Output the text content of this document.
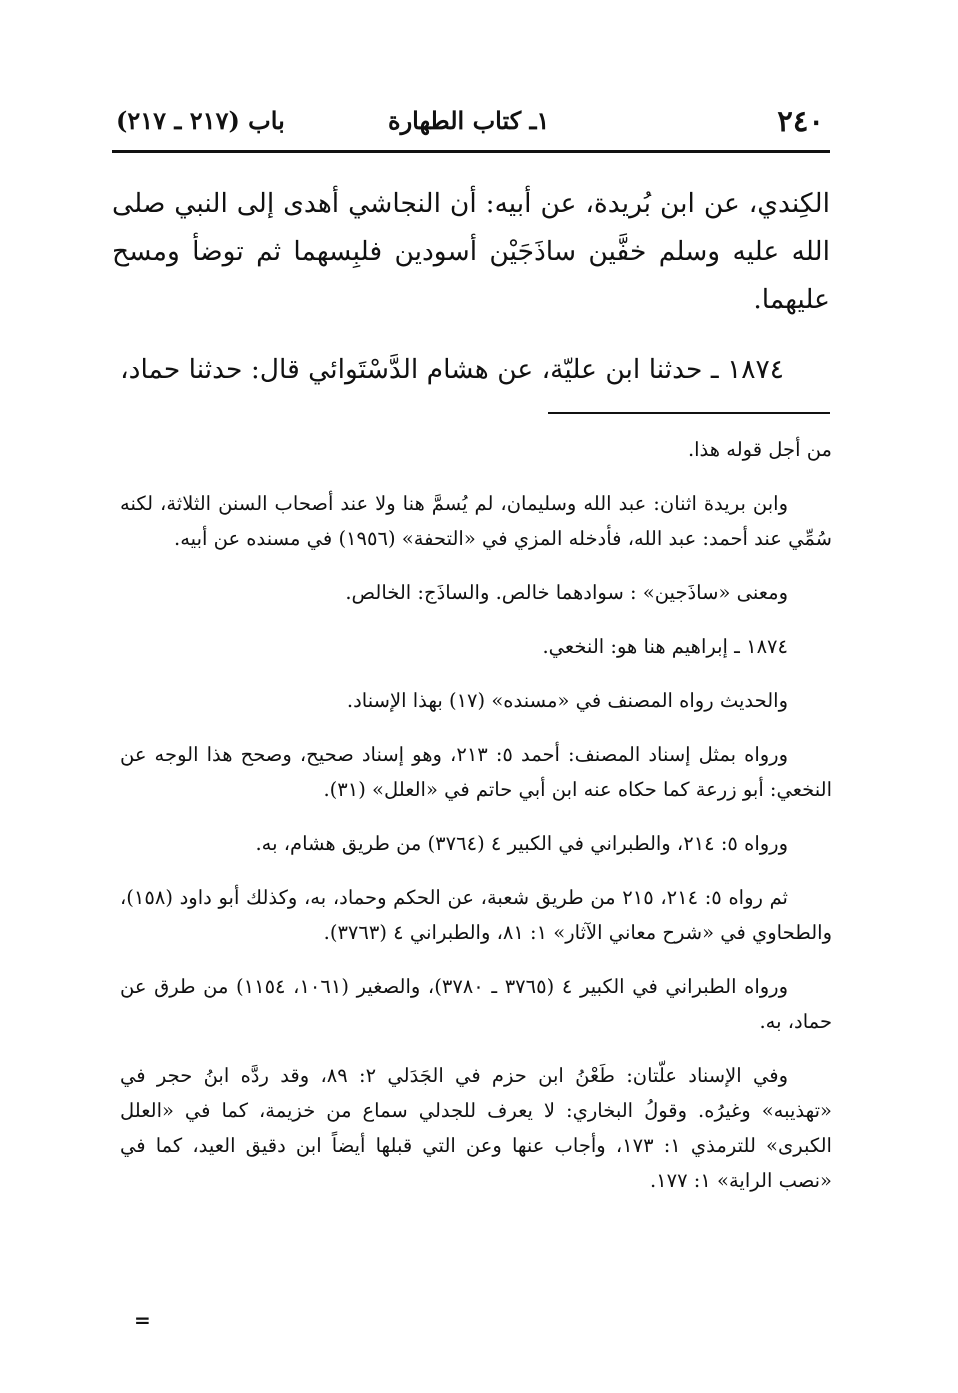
٢٤٠
١ـ كتاب الطهارة
باب (٢١٧ ـ ٢١٧)

الكِندي، عن ابن بُريدة، عن أبيه: أن النجاشي أهدى إلى النبي صلى الله عليه وسلم خفَّين ساذَجَيْن أسودين فلبِسهما ثم توضأ ومسح عليهما.

١٨٧٤ ـ حدثنا ابن عليّة، عن هشام الدَّسْتَوائي قال: حدثنا حماد،

من أجل قوله هذا.

وابن بريدة اثنان: عبد الله وسليمان، لم يُسمَّ هنا ولا عند أصحاب السنن الثلاثة، لكنه سُمِّي عند أحمد: عبد الله، فأدخله المزي في «التحفة» (١٩٥٦) في مسنده عن أبيه.

ومعنى «ساذَجين» : سوادهما خالص. والساذَج: الخالص.

١٨٧٤ ـ إبراهيم هنا هو: النخعي.

والحديث رواه المصنف في «مسنده» (١٧) بهذا الإسناد.

ورواه بمثل إسناد المصنف: أحمد ٥: ٢١٣، وهو إسناد صحيح، وصحح هذا الوجه عن النخعي: أبو زرعة كما حكاه عنه ابن أبي حاتم في «العلل» (٣١).

ورواه ٥: ٢١٤، والطبراني في الكبير ٤ (٣٧٦٤) من طريق هشام، به.

ثم رواه ٥: ٢١٤، ٢١٥ من طريق شعبة، عن الحكم وحماد، به، وكذلك أبو داود (١٥٨)، والطحاوي في «شرح معاني الآثار» ١: ٨١، والطبراني ٤ (٣٧٦٣).

ورواه الطبراني في الكبير ٤ (٣٧٦٥ ـ ٣٧٨٠)، والصغير (١٠٦١، ١١٥٤) من طرق عن حماد، به.

وفي الإسناد علّتان: طَعْنُ ابن حزم في الجَدَلي ٢: ٨٩، وقد ردَّه ابنُ حجر في «تهذيبه» وغيرُه. وقولُ البخاري: لا يعرف للجدلي سماع من خزيمة، كما في «العلل الكبرى» للترمذي ١: ١٧٣، وأجاب عنها وعن التي قبلها أيضاً ابن دقيق العيد، كما في «نصب الراية» ١: ١٧٧.

=
